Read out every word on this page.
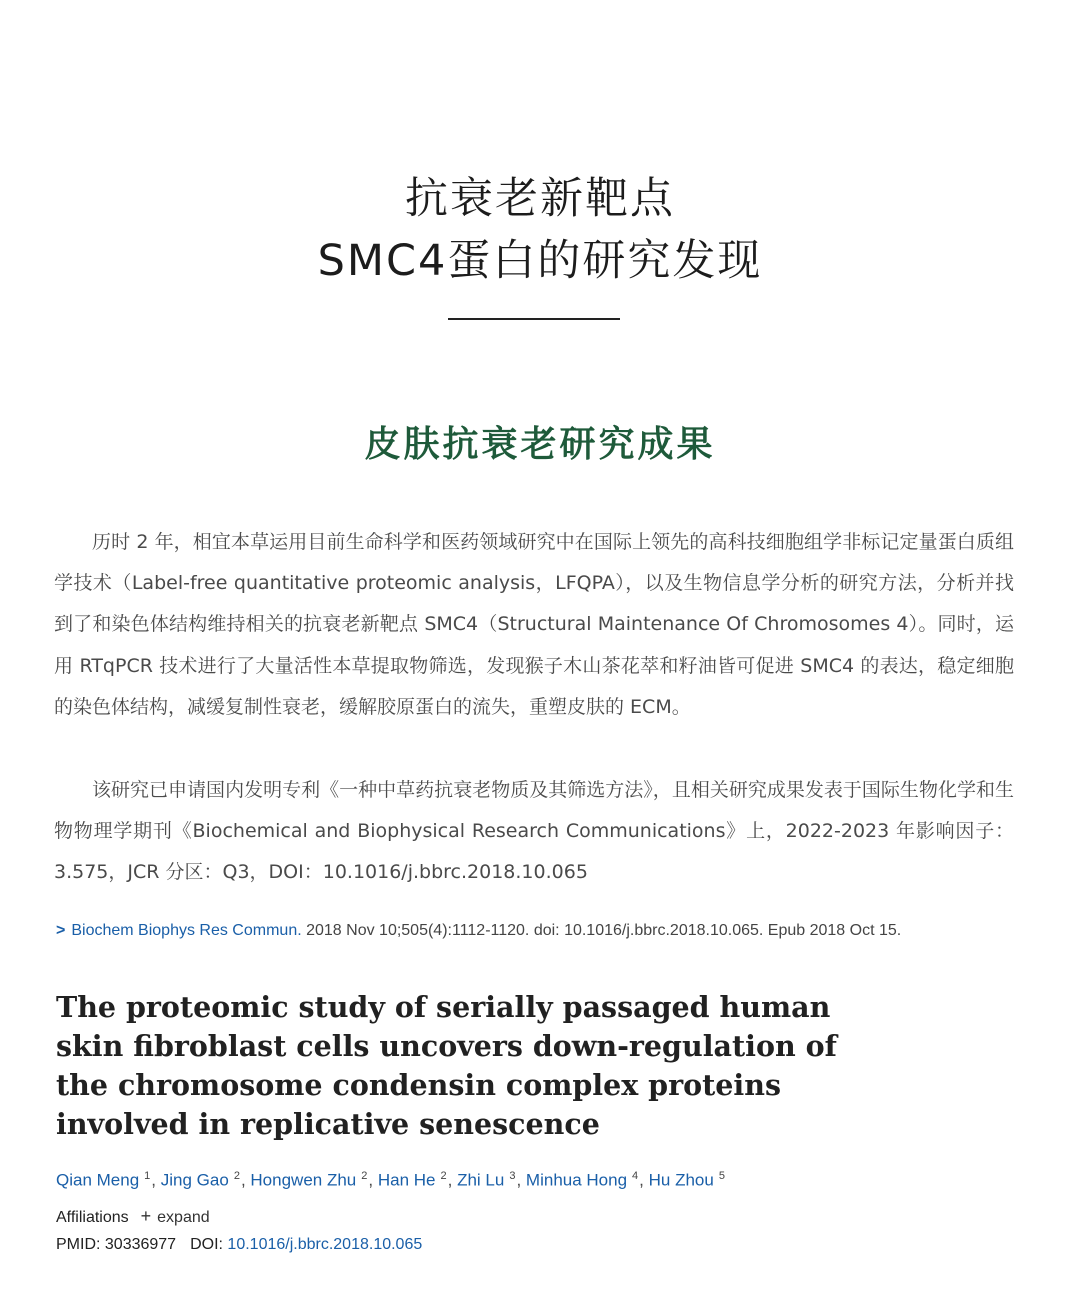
抗衰老新靶点
SMC4蛋白的研究发现
皮肤抗衰老研究成果

历时 2 年，相宜本草运用目前生命科学和医药领域研究中在国际上领先的高科技细胞组学非标记定量蛋白质组学技术（Label-free quantitative proteomic analysis，LFQPA），以及生物信息学分析的研究方法，分析并找到了和染色体结构维持相关的抗衰老新靶点 SMC4（Structural Maintenance Of Chromosomes 4）。同时，运用 RTqPCR 技术进行了大量活性本草提取物筛选，发现猴子木山茶花萃和籽油皆可促进 SMC4 的表达，稳定细胞的染色体结构，减缓复制性衰老，缓解胶原蛋白的流失，重塑皮肤的 ECM。

该研究已申请国内发明专利《一种中草药抗衰老物质及其筛选方法》，且相关研究成果发表于国际生物化学和生物物理学期刊《Biochemical and Biophysical Research Communications》上，2022-2023 年影响因子：3.575，JCR 分区：Q3，DOI：10.1016/j.bbrc.2018.10.065

> Biochem Biophys Res Commun. 2018 Nov 10;505(4):1112-1120. doi: 10.1016/j.bbrc.2018.10.065. Epub 2018 Oct 15.
The proteomic study of serially passaged human skin fibroblast cells uncovers down-regulation of the chromosome condensin complex proteins involved in replicative senescence
Qian Meng $^1$, Jing Gao $^2$, Hongwen Zhu $^2$, Han He $^2$, Zhi Lu $^3$, Minhua Hong $^4$, Hu Zhou $^5$
Affiliations + expand
PMID: 30336977 DOI: 10.1016/j.bbrc.2018.10.065
